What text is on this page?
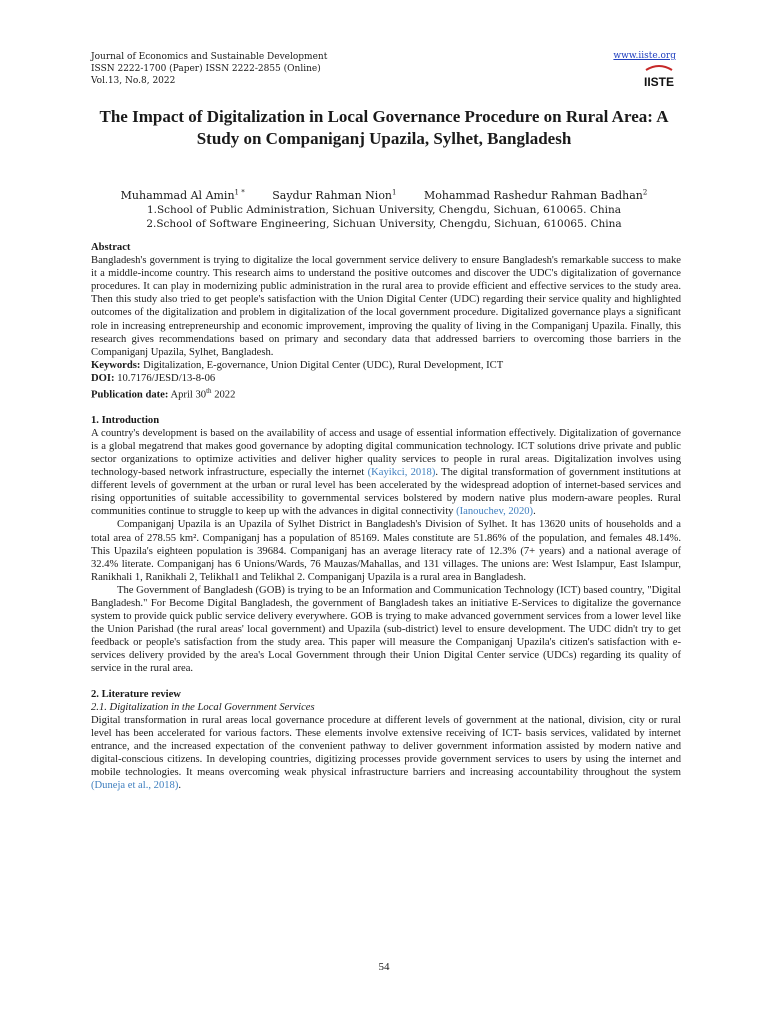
Journal of Economics and Sustainable Development
ISSN 2222-1700 (Paper) ISSN 2222-2855 (Online)
Vol.13, No.8, 2022
www.iiste.org
IISTE
The Impact of Digitalization in Local Governance Procedure on Rural Area: A Study on Companiganj Upazila, Sylhet, Bangladesh
Muhammad Al Amin$^{1 *}$	Saydur Rahman Nion$^1$	Mohammad Rashedur Rahman Badhan$^2$
1.School of Public Administration, Sichuan University, Chengdu, Sichuan, 610065. China
2.School of Software Engineering, Sichuan University, Chengdu, Sichuan, 610065. China

Abstract

Bangladesh's government is trying to digitalize the local government service delivery to ensure Bangladesh's remarkable success to make it a middle-income country. This research aims to understand the positive outcomes and discover the UDC's digitalization of governance procedures. It can play in modernizing public administration in the rural area to provide efficient and effective services to the study area. Then this study also tried to get people's satisfaction with the Union Digital Center (UDC) regarding their service quality and highlighted outcomes of the digitalization and problem in digitalization of the local government procedure. Digitalized governance plays a significant role in increasing entrepreneurship and economic improvement, improving the quality of living in the Companiganj Upazila. Finally, this research gives recommendations based on primary and secondary data that addressed barriers to overcoming those barriers in the Companiganj Upazila, Sylhet, Bangladesh.

Keywords: Digitalization, E-governance, Union Digital Center (UDC), Rural Development, ICT

DOI: 10.7176/JESD/13-8-06

Publication date: April 30th 2022

1. Introduction

A country's development is based on the availability of access and usage of essential information effectively. Digitalization of governance is a global megatrend that makes good governance by adopting digital communication technology. ICT solutions drive private and public sector organizations to optimize activities and deliver higher quality services to people in rural areas. Digitalization involves using technology-based network infrastructure, especially the internet (Kayikci, 2018). The digital transformation of government institutions at different levels of government at the urban or rural level has been accelerated by the widespread adoption of internet-based services and rising opportunities of suitable accessibility to governmental services bolstered by modern native plus modern-aware peoples. Rural communities continue to struggle to keep up with the advances in digital connectivity (Ianouchev, 2020).

Companiganj Upazila is an Upazila of Sylhet District in Bangladesh's Division of Sylhet. It has 13620 units of households and a total area of 278.55 km². Companiganj has a population of 85169. Males constitute are 51.86% of the population, and females 48.14%. This Upazila's eighteen population is 39684. Companiganj has an average literacy rate of 12.3% (7+ years) and a national average of 32.4% literate. Companiganj has 6 Unions/Wards, 76 Mauzas/Mahallas, and 131 villages. The unions are: West Islampur, East Islampur, Ranikhali 1, Ranikhali 2, Telikhal1 and Telikhal 2. Companiganj Upazila is a rural area in Bangladesh.

The Government of Bangladesh (GOB) is trying to be an Information and Communication Technology (ICT) based country, "Digital Bangladesh." For Become Digital Bangladesh, the government of Bangladesh takes an initiative E-Services to digitalize the governance system to provide quick public service delivery everywhere. GOB is trying to make advanced government services from a lower level like the Union Parishad (the rural areas' local government) and Upazila (sub-district) level to ensure development. The UDC didn't try to get feedback or people's satisfaction from the study area. This paper will measure the Companiganj Upazila's citizen's satisfaction with e-services delivery provided by the area's Local Government through their Union Digital Center service (UDCs) regarding its quality of service in the rural area.

2. Literature review

2.1. Digitalization in the Local Government Services

Digital transformation in rural areas local governance procedure at different levels of government at the national, division, city or rural level has been accelerated for various factors. These elements involve extensive receiving of ICT- basis services, validated by internet entrance, and the increased expectation of the convenient pathway to deliver government information assisted by modern native and digital-conscious citizens. In developing countries, digitizing processes provide government services to users by using the internet and mobile technologies. It means overcoming weak physical infrastructure barriers and increasing accountability throughout the system (Duneja et al., 2018).

54
